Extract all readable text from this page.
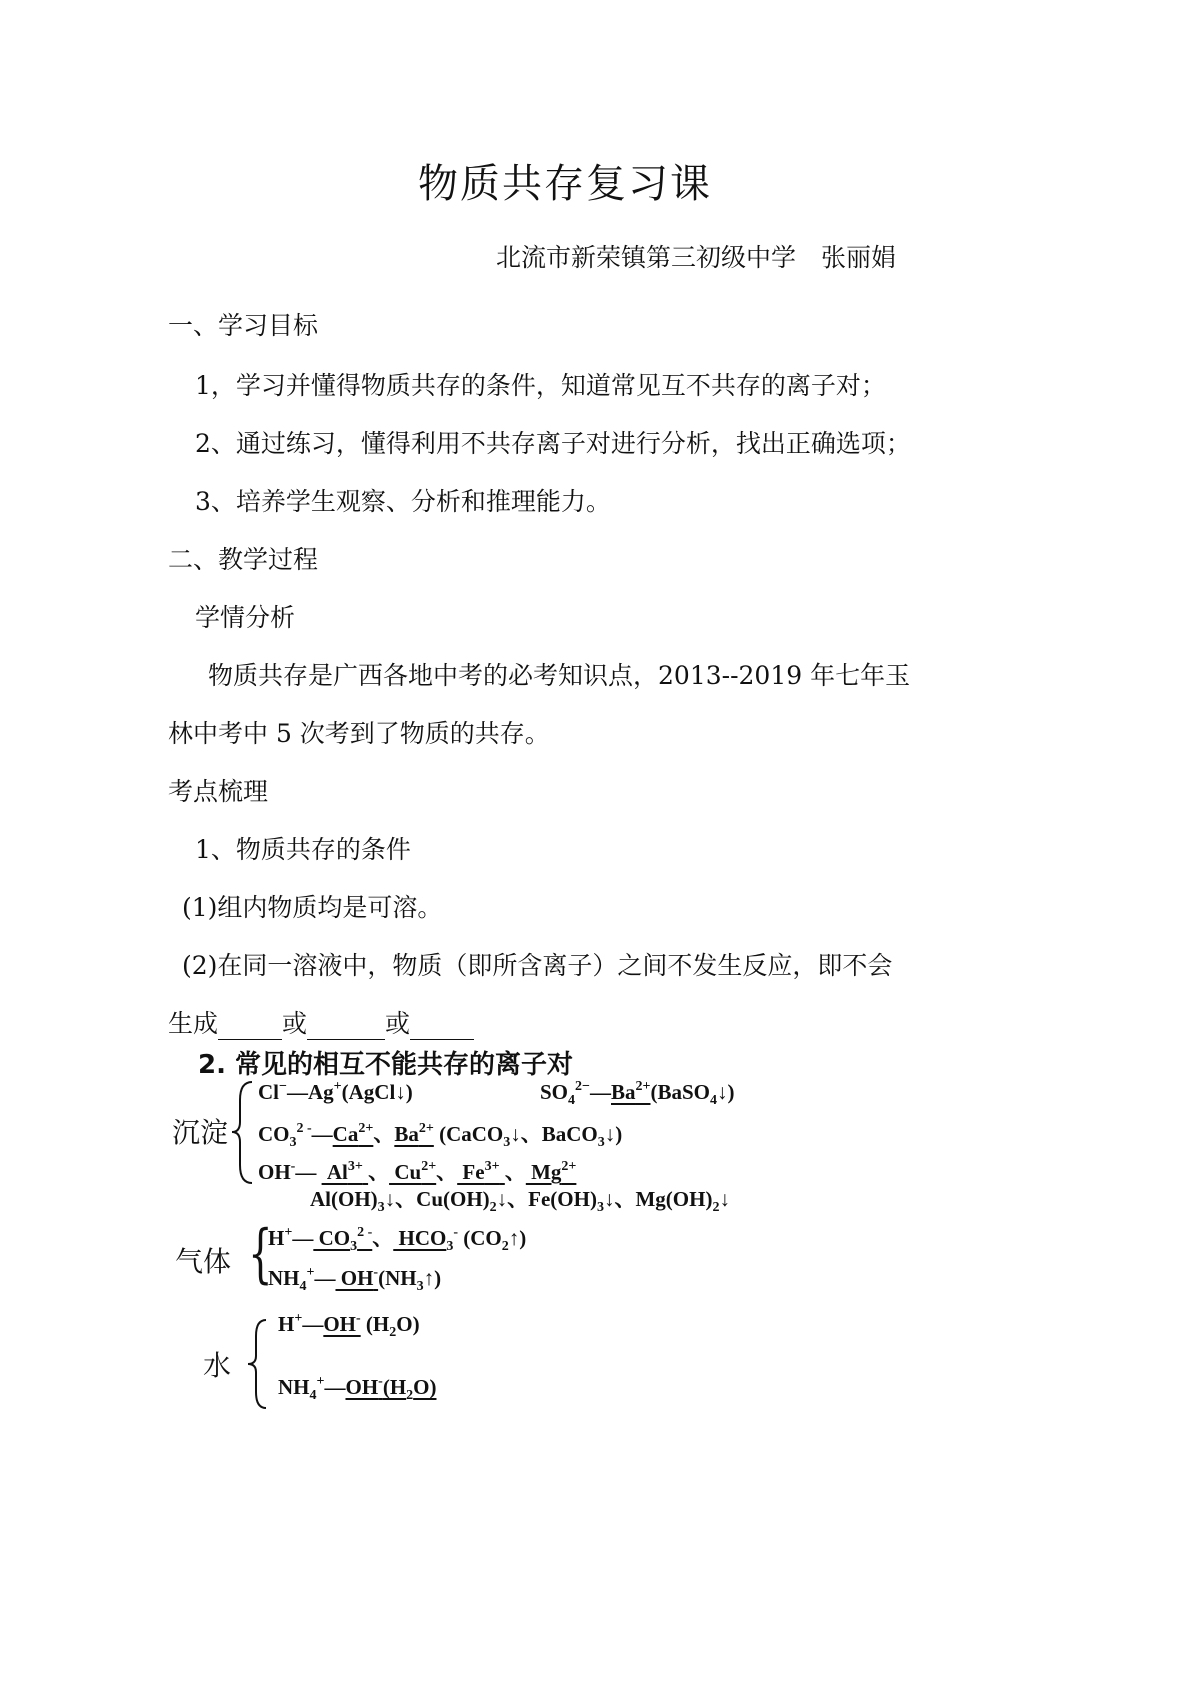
物质共存复习课
北流市新荣镇第三初级中学　张丽娟
一、学习目标
1，学习并懂得物质共存的条件，知道常见互不共存的离子对；
2、通过练习，懂得利用不共存离子对进行分析，找出正确选项；
3、培养学生观察、分析和推理能力。
二、教学过程
学情分析
物质共存是广西各地中考的必考知识点，2013--2019 年七年玉
林中考中 5 次考到了物质的共存。
考点梳理
1、物质共存的条件
(1)组内物质均是可溶。
(2)在同一溶液中，物质（即所含离子）之间不发生反应，即不会
生成	或	或
2. 常见的相互不能共存的离子对
沉淀
Cl−—Ag+(AgCl↓)	$SO_4^{2-}—Ba^{2+}(BaSO_4↓)$
$CO_3^{2 -}—Ca^{2+}$、$Ba^{2+}$ (CaCO$_3$↓、BaCO$_3$↓)
OH-—  $Al^{3+}$ 、 $Cu^{2+}$、 $Fe^{3+}$ 、 $Mg^{2+}$
$Al(OH)_3↓$、$Cu(OH)_2↓$、$Fe(OH)_3↓$、$Mg(OH)_2↓$
气体 {
H+— $CO_3^{2 -}$、 $HCO_3^-$ $(CO_2↑)$
$NH_4^+—$ $OH^-(NH_3↑)$
水
H+—OH- $(H_2O)$
$NH_4^+—OH^-(H_2O)$
